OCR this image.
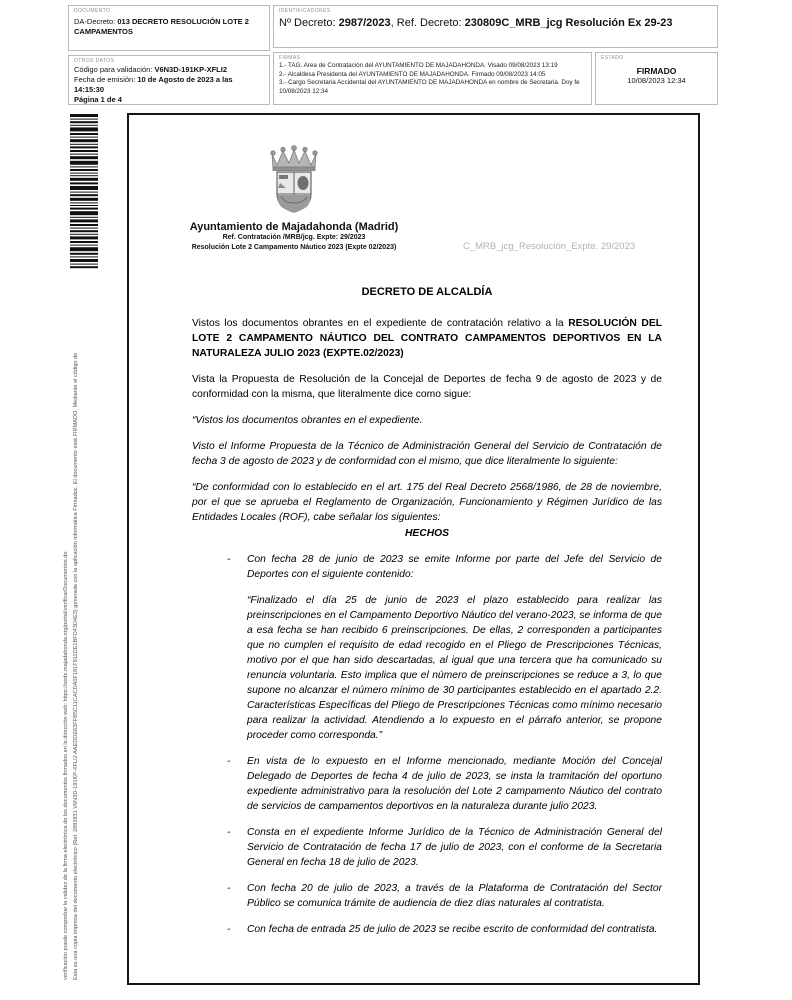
DOCUMENTO
DA-Decreto: 013 DECRETO RESOLUCIÓN LOTE 2 CAMPAMENTOS
OTROS DATOS
Código para validación: V6N3D-191KP-XFLI2
Fecha de emisión: 10 de Agosto de 2023 a las 14:15:30
Página 1 de 4
IDENTIFICADORES
Nº Decreto: 2987/2023, Ref. Decreto: 230809C_MRB_jcg Resolución Ex 29-23
FIRMAS
1.- TAG. Area de Contratación del AYUNTAMIENTO DE MAJADAHONDA. Visado 09/08/2023 13:19
2.- Alcaldesa Presidenta del AYUNTAMIENTO DE MAJADAHONDA. Firmado 09/08/2023 14:05
3.- Cargo Secretaria Accidental del AYUNTAMIENTO DE MAJADAHONDA en nombre de Secretaria. Doy fe 10/08/2023 12:34
ESTADO
FIRMADO
10/08/2023 12:34
verificación puede comprobar la validez de la firma electrónica de los documentos firmados en la dirección web: https://sede.majadahonda.org/portal/verificarDocumentos.do Esta es una copia impresa del documento electrónico (Ref. 2883831 V6N3D-191KP-XFLI2 AAEDDE63FFB5C11CACDA0F181F911DE1BFD43D4E3) generada con la aplicación informática Firmadoc. El documento está FIRMADO. Mediante el código de
Ayuntamiento de Majadahonda (Madrid)
Ref. Contratación /MRB/jcg. Expte: 29/2023
Resolución Lote 2 Campamento Náutico 2023 (Expte 02/2023)	C_MRB_jcg_Resolución_Expte. 29/2023
DECRETO DE ALCALDÍA

Vistos los documentos obrantes en el expediente de contratación relativo a la RESOLUCIÓN DEL LOTE 2 CAMPAMENTO NÁUTICO DEL CONTRATO CAMPAMENTOS DEPORTIVOS EN LA NATURALEZA JULIO 2023 (EXPTE.02/2023)

Vista la Propuesta de Resolución de la Concejal de Deportes de fecha 9 de agosto de 2023 y de conformidad con la misma, que literalmente dice como sigue:

“Vistos los documentos obrantes en el expediente.

Visto el Informe Propuesta de la Técnico de Administración General del Servicio de Contratación de fecha 3 de agosto de 2023 y de conformidad con el mismo, que dice literalmente lo siguiente:

“De conformidad con lo establecido en el art. 175 del Real Decreto 2568/1986, de 28 de noviembre, por el que se aprueba el Reglamento de Organización, Funcionamiento y Régimen Jurídico de las Entidades Locales (ROF), cabe señalar los siguientes:

HECHOS
- Con fecha 28 de junio de 2023 se emite Informe por parte del Jefe del Servicio de Deportes con el siguiente contenido:
“Finalizado el día 25 de junio de 2023 el plazo establecido para realizar las preinscripciones en el Campamento Deportivo Náutico del verano-2023, se informa de que a esa fecha se han recibido 6 preinscripciones. De ellas, 2 corresponden a participantes que no cumplen el requisito de edad recogido en el Pliego de Prescripciones Técnicas, motivo por el que han sido descartadas, al igual que una tercera que ha comunicado su renuncia voluntaria. Esto implica que el número de preinscripciones se reduce a 3, lo que supone no alcanzar el número mínimo de 30 participantes establecido en el apartado 2.2. Características Específicas del Pliego de Prescripciones Técnicas como mínimo necesario para realizar la actividad. Atendiendo a lo expuesto en el párrafo anterior, se propone proceder como corresponda.”
- En vista de lo expuesto en el Informe mencionado, mediante Moción del Concejal Delegado de Deportes de fecha 4 de julio de 2023, se insta la tramitación del oportuno expediente administrativo para la resolución del Lote 2 campamento Náutico del contrato de servicios de campamentos deportivos en la naturaleza durante julio 2023.
- Consta en el expediente Informe Jurídico de la Técnico de Administración General del Servicio de Contratación de fecha 17 de julio de 2023, con el conforme de la Secretaria General en fecha 18 de julio de 2023.
- Con fecha 20 de julio de 2023, a través de la Plataforma de Contratación del Sector Público se comunica trámite de audiencia de diez días naturales al contratista.
- Con fecha de entrada 25 de julio de 2023 se recibe escrito de conformidad del contratista.
